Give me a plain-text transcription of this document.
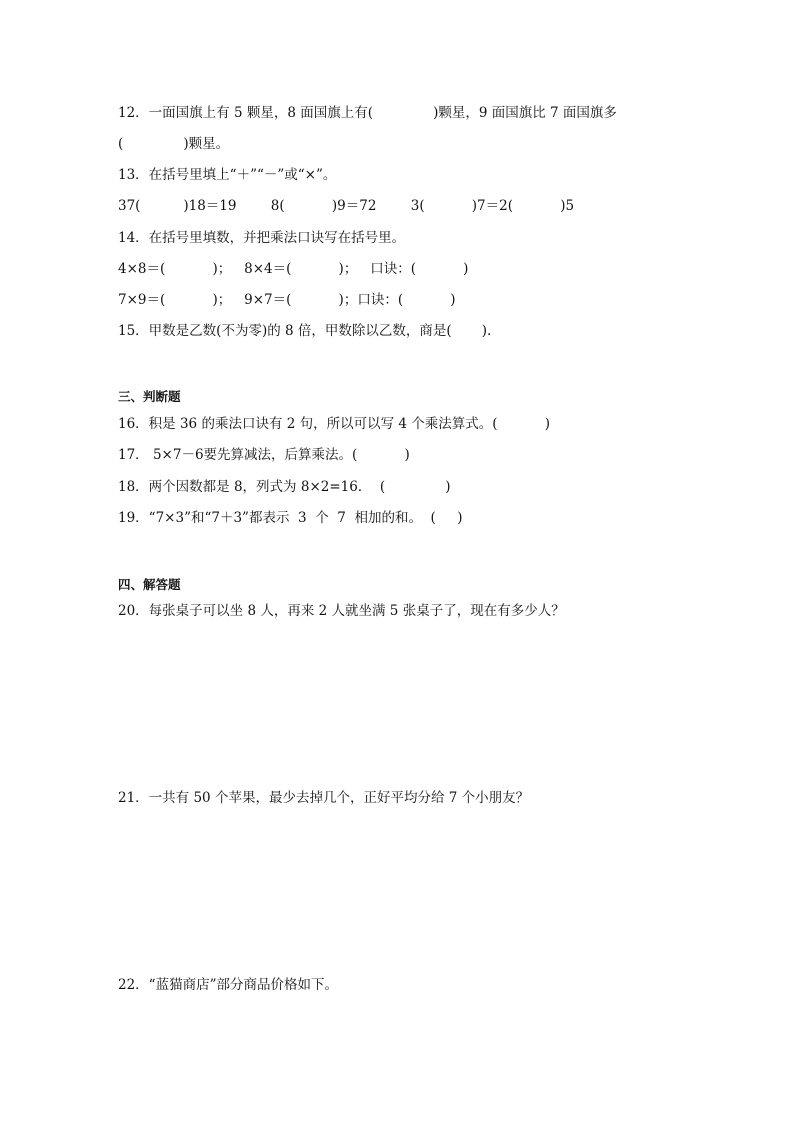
12．一面国旗上有 5 颗星，8 面国旗上有(              )颗星，9 面国旗比 7 面国旗多
(              )颗星。
13．在括号里填上“＋”“－”或“×”。
37(          )18＝19        8(           )9＝72        3(           )7＝2(           )5
14．在括号里填数，并把乘法口诀写在括号里。
4×8＝(           )；   8×4＝(           )；   口诀：(           )
7×9＝(           )；   9×7＝(           )；口诀：(           )
15．甲数是乙数(不为零)的 8 倍，甲数除以乙数，商是(       ).
三、判断题
16．积是 36 的乘法口诀有 2 句，所以可以写 4 个乘法算式。(           )
17． 5×7－6要先算减法，后算乘法。(           )
18．两个因数都是 8，列式为 8×2=16．  (              )
19．“7×3”和“7＋3”都表示  3  个  7  相加的和。  (     )
四、解答题
20．每张桌子可以坐 8 人，再来 2 人就坐满 5 张桌子了，现在有多少人？
21．一共有 50 个苹果，最少去掉几个，正好平均分给 7 个小朋友？
22．“蓝猫商店”部分商品价格如下。
